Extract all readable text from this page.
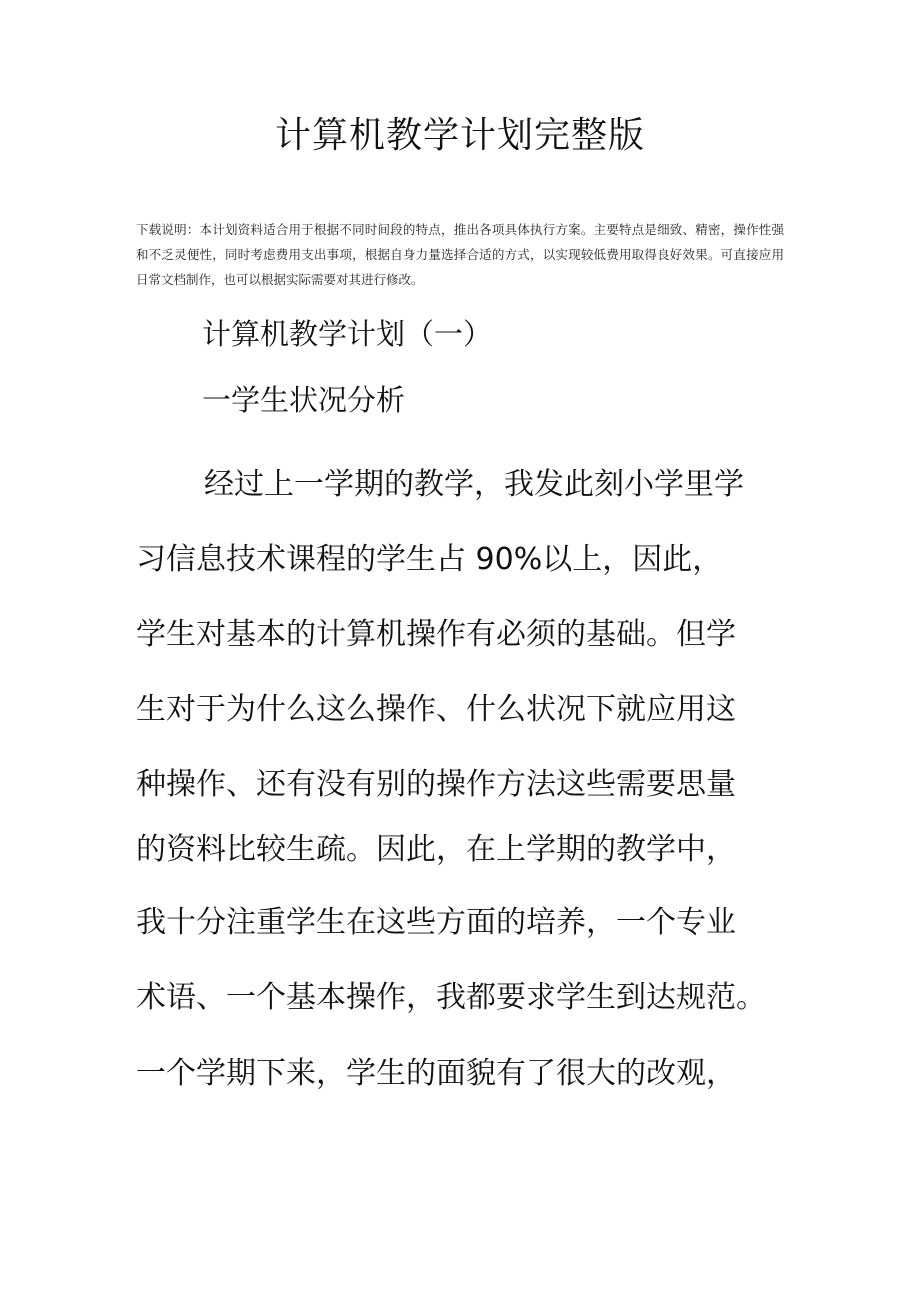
计算机教学计划完整版
下载说明：本计划资料适合用于根据不同时间段的特点，推出各项具体执行方案。主要特点是细致、精密，操作性强和不乏灵便性，同时考虑费用支出事项，根据自身力量选择合适的方式，以实现较低费用取得良好效果。可直接应用日常文档制作，也可以根据实际需要对其进行修改。
计算机教学计划（一）
一学生状况分析
经过上一学期的教学，我发此刻小学里学
习信息技术课程的学生占 90%以上，因此，
学生对基本的计算机操作有必须的基础。但学
生对于为什么这么操作、什么状况下就应用这
种操作、还有没有别的操作方法这些需要思量
的资料比较生疏。因此，在上学期的教学中，
我十分注重学生在这些方面的培养，一个专业
术语、一个基本操作，我都要求学生到达规范。
一个学期下来，学生的面貌有了很大的改观，
